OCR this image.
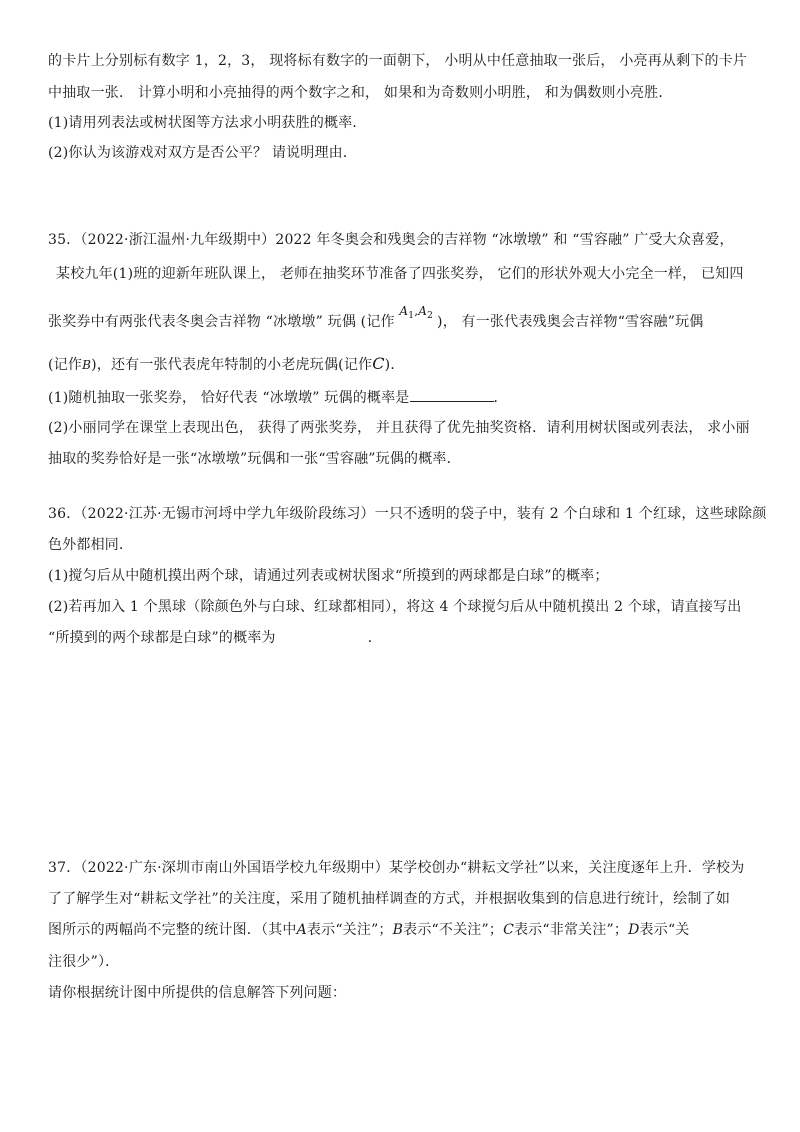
的卡片上分别标有数字 1，2，3， 现将标有数字的一面朝下， 小明从中任意抽取一张后， 小亮再从剩下的卡片
中抽取一张． 计算小明和小亮抽得的两个数字之和， 如果和为奇数则小明胜， 和为偶数则小亮胜．
(1)请用列表法或树状图等方法求小明获胜的概率．
(2)你认为该游戏对双方是否公平？ 请说明理由．
35．（2022·浙江温州·九年级期中）2022 年冬奥会和残奥会的吉祥物 “冰墩墩” 和 “雪容融” 广受大众喜爱，
某校九年(1)班的迎新年班队课上， 老师在抽奖环节准备了四张奖券， 它们的形状外观大小完全一样， 已知四
张奖券中有两张代表冬奥会吉祥物 “冰墩墩” 玩偶 (记作 $A_1,A_2$ )， 有一张代表残奥会吉祥物“雪容融”玩偶
(记作B)，还有一张代表虎年特制的小老虎玩偶(记作C)．
(1)随机抽取一张奖券， 恰好代表 “冰墩墩” 玩偶的概率是	．
(2)小丽同学在课堂上表现出色， 获得了两张奖券， 并且获得了优先抽奖资格．请利用树状图或列表法， 求小丽
抽取的奖券恰好是一张“冰墩墩”玩偶和一张“雪容融”玩偶的概率．
36．（2022·江苏·无锡市河埒中学九年级阶段练习）一只不透明的袋子中，装有 2 个白球和 1 个红球，这些球除颜
色外都相同．
(1)搅匀后从中随机摸出两个球，请通过列表或树状图求“所摸到的两球都是白球”的概率；
(2)若再加入 1 个黑球（除颜色外与白球、红球都相同），将这 4 个球搅匀后从中随机摸出 2 个球，请直接写出
“所摸到的两个球都是白球”的概率为	．
37．（2022·广东·深圳市南山外国语学校九年级期中）某学校创办“耕耘文学社”以来，关注度逐年上升．学校为
了了解学生对“耕耘文学社”的关注度，采用了随机抽样调查的方式，并根据收集到的信息进行统计，绘制了如
图所示的两幅尚不完整的统计图．（其中A表示“关注”；B表示“不关注”；C表示“非常关注”；D表示“关
注很少”）．
请你根据统计图中所提供的信息解答下列问题：
